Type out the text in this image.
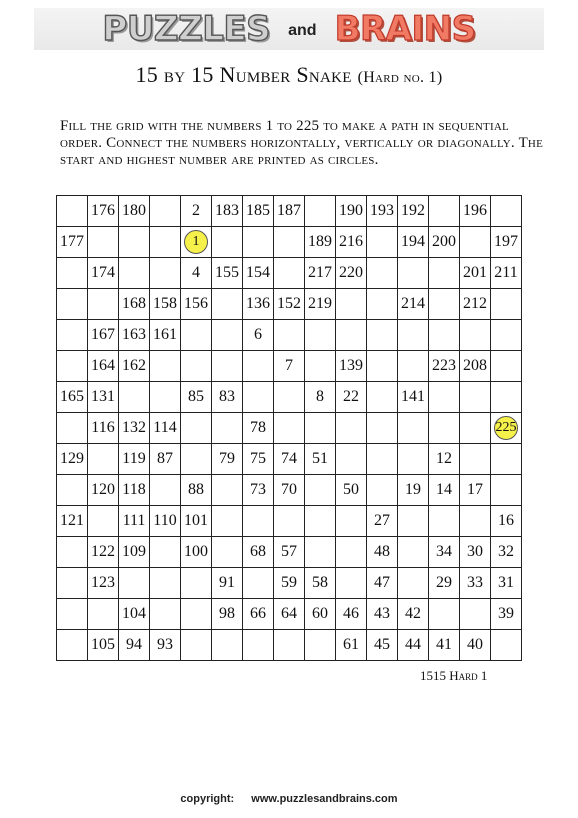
PUZZLES and BRAINS
15 by 15 Number Snake (Hard no. 1)
Fill the grid with the numbers 1 to 225 to make a path in sequential order. Connect the numbers horizontally, vertically or diagonally. The start and highest number are printed as circles.
	176	180		2	183	185	187		190	193	192		196	
177				1				189	216		194	200		197
	174			4	155	154		217	220				201	211
		168	158	156		136	152	219			214		212	
	167	163	161			6								
	164	162					7		139			223	208	
165	131			85	83			8	22		141			
	116	132	114			78								225
129		119	87		79	75	74	51				12		
	120	118		88		73	70		50		19	14	17	
121		111	110	101						27				16
	122	109		100		68	57			48		34	30	32
	123				91		59	58		47		29	33	31
		104			98	66	64	60	46	43	42			39
	105	94	93						61	45	44	41	40	
1515 Hard 1
copyright: www.puzzlesandbrains.com
